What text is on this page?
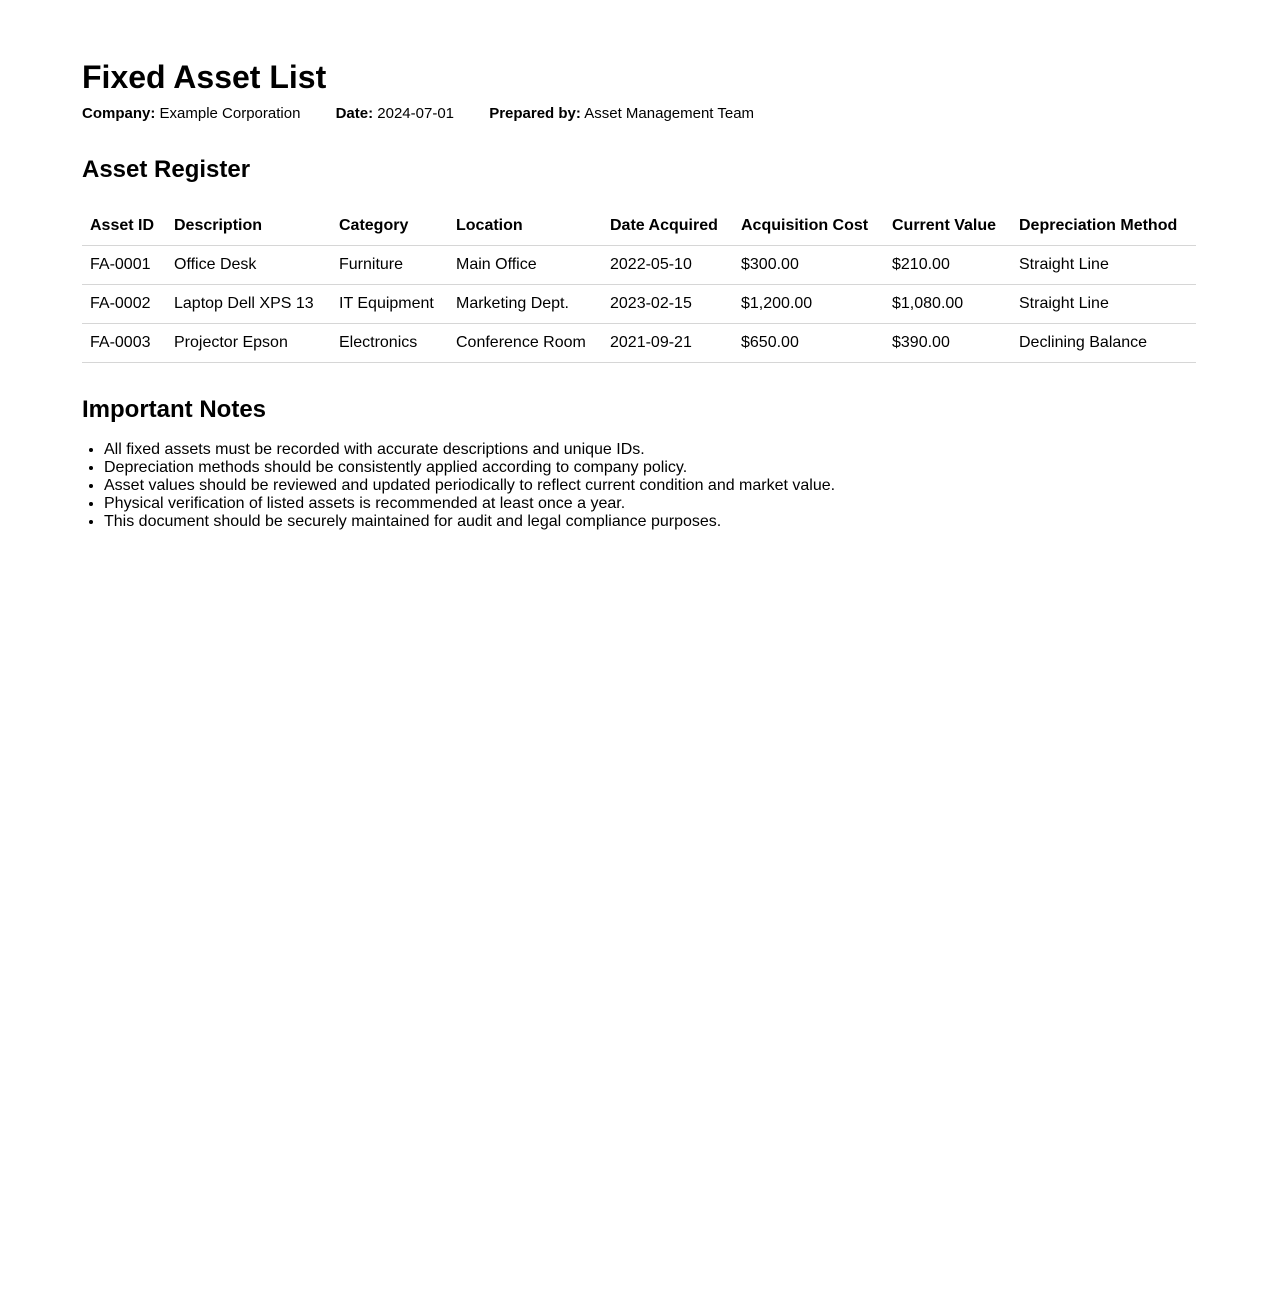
Fixed Asset List
Company: Example Corporation Date: 2024-07-01 Prepared by: Asset Management Team
Asset Register
Asset ID	Description	Category	Location	Date Acquired	Acquisition Cost	Current Value	Depreciation Method
FA-0001	Office Desk	Furniture	Main Office	2022-05-10	$300.00	$210.00	Straight Line
FA-0002	Laptop Dell XPS 13	IT Equipment	Marketing Dept.	2023-02-15	$1,200.00	$1,080.00	Straight Line
FA-0003	Projector Epson	Electronics	Conference Room	2021-09-21	$650.00	$390.00	Declining Balance
Important Notes
• All fixed assets must be recorded with accurate descriptions and unique IDs.
• Depreciation methods should be consistently applied according to company policy.
• Asset values should be reviewed and updated periodically to reflect current condition and market value.
• Physical verification of listed assets is recommended at least once a year.
• This document should be securely maintained for audit and legal compliance purposes.
